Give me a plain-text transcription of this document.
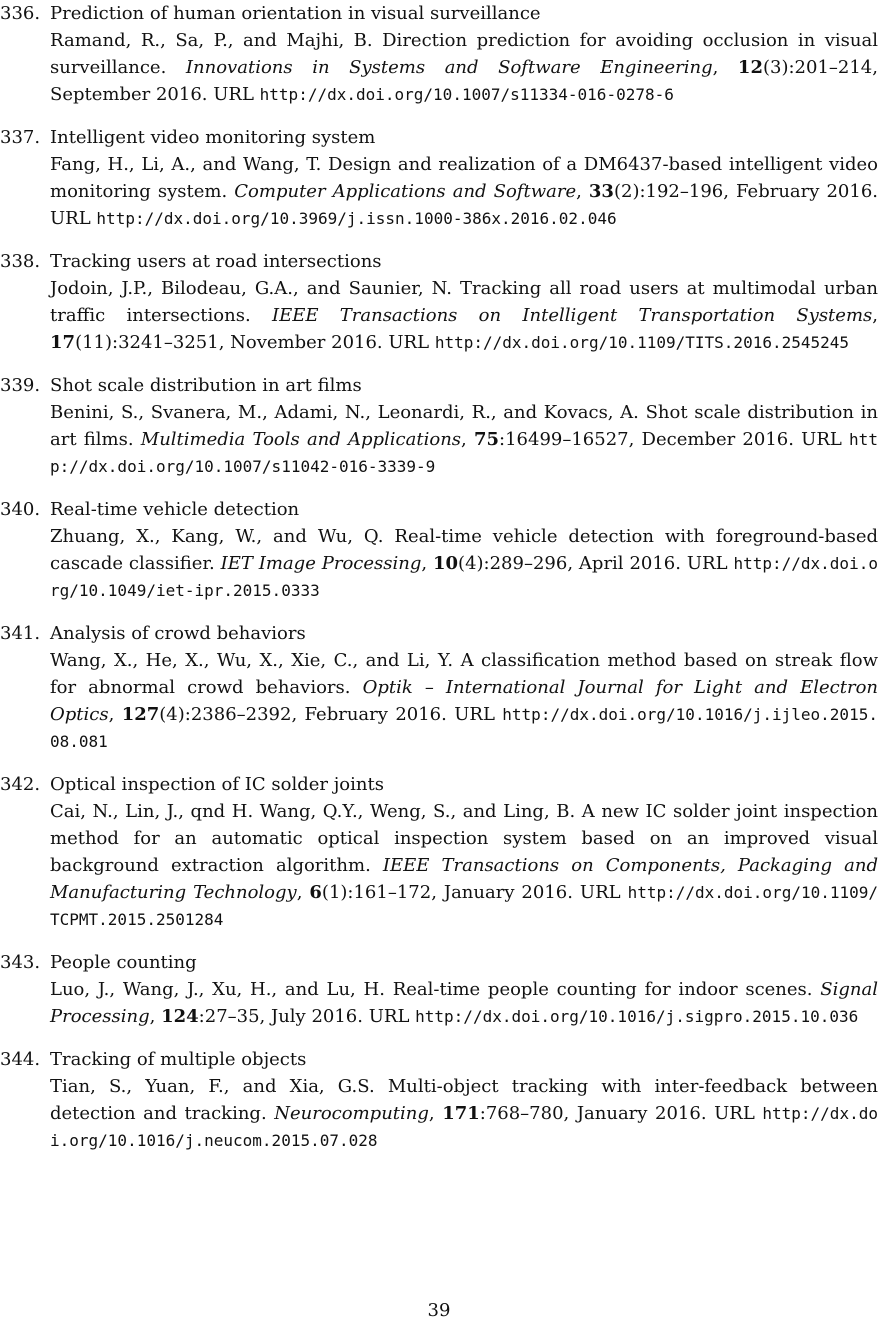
336. Prediction of human orientation in visual surveillance
Ramand, R., Sa, P., and Majhi, B. Direction prediction for avoiding occlusion in visual surveillance. Innovations in Systems and Software Engineering, 12(3):201–214, September 2016. URL http://dx.doi.org/10.1007/s11334-016-0278-6
337. Intelligent video monitoring system
Fang, H., Li, A., and Wang, T. Design and realization of a DM6437-based intelligent video monitoring system. Computer Applications and Software, 33(2):192–196, February 2016. URL http://dx.doi.org/10.3969/j.issn.1000-386x.2016.02.046
338. Tracking users at road intersections
Jodoin, J.P., Bilodeau, G.A., and Saunier, N. Tracking all road users at multimodal urban traffic intersections. IEEE Transactions on Intelligent Transportation Systems, 17(11):3241–3251, November 2016. URL http://dx.doi.org/10.1109/TITS.2016.2545245
339. Shot scale distribution in art films
Benini, S., Svanera, M., Adami, N., Leonardi, R., and Kovacs, A. Shot scale distribution in art films. Multimedia Tools and Applications, 75:16499–16527, December 2016. URL http://dx.doi.org/10.1007/s11042-016-3339-9
340. Real-time vehicle detection
Zhuang, X., Kang, W., and Wu, Q. Real-time vehicle detection with foreground-based cascade classifier. IET Image Processing, 10(4):289–296, April 2016. URL http://dx.doi.org/10.1049/iet-ipr.2015.0333
341. Analysis of crowd behaviors
Wang, X., He, X., Wu, X., Xie, C., and Li, Y. A classification method based on streak flow for abnormal crowd behaviors. Optik – International Journal for Light and Electron Optics, 127(4):2386–2392, February 2016. URL http://dx.doi.org/10.1016/j.ijleo.2015.08.081
342. Optical inspection of IC solder joints
Cai, N., Lin, J., qnd H. Wang, Q.Y., Weng, S., and Ling, B. A new IC solder joint inspection method for an automatic optical inspection system based on an improved visual background extraction algorithm. IEEE Transactions on Components, Packaging and Manufacturing Technology, 6(1):161–172, January 2016. URL http://dx.doi.org/10.1109/TCPMT.2015.2501284
343. People counting
Luo, J., Wang, J., Xu, H., and Lu, H. Real-time people counting for indoor scenes. Signal Processing, 124:27–35, July 2016. URL http://dx.doi.org/10.1016/j.sigpro.2015.10.036
344. Tracking of multiple objects
Tian, S., Yuan, F., and Xia, G.S. Multi-object tracking with inter-feedback between detection and tracking. Neurocomputing, 171:768–780, January 2016. URL http://dx.doi.org/10.1016/j.neucom.2015.07.028
39
